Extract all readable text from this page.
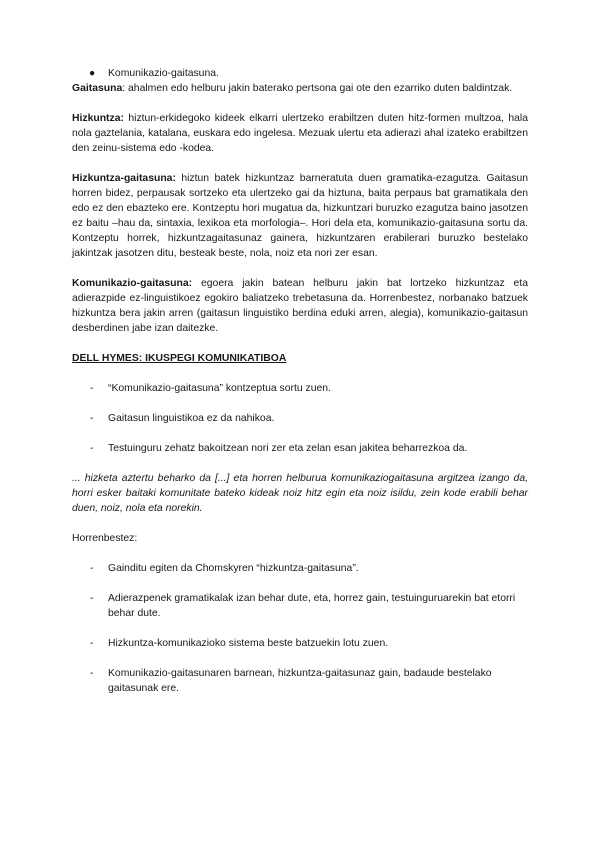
● Komunikazio-gaitasuna.

Gaitasuna: ahalmen edo helburu jakin baterako pertsona gai ote den ezarriko duten baldintzak.

Hizkuntza: hiztun-erkidegoko kideek elkarri ulertzeko erabiltzen duten hitz-formen multzoa, hala nola gaztelania, katalana, euskara edo ingelesa. Mezuak ulertu eta adierazi ahal izateko erabiltzen den zeinu-sistema edo -kodea.

Hizkuntza-gaitasuna: hiztun batek hizkuntzaz barneratuta duen gramatika-ezagutza. Gaitasun horren bidez, perpausak sortzeko eta ulertzeko gai da hiztuna, baita perpaus bat gramatikala den edo ez den ebazteko ere. Kontzeptu hori mugatua da, hizkuntzari buruzko ezagutza baino jasotzen ez baitu –hau da, sintaxia, lexikoa eta morfologia–. Hori dela eta, komunikazio-gaitasuna sortu da. Kontzeptu horrek, hizkuntzagaitasunaz gainera, hizkuntzaren erabilerari buruzko bestelako jakintzak jasotzen ditu, besteak beste, nola, noiz eta nori zer esan.

Komunikazio-gaitasuna: egoera jakin batean helburu jakin bat lortzeko hizkuntzaz eta adierazpide ez-linguistikoez egokiro baliatzeko trebetasuna da. Horrenbestez, norbanako batzuek hizkuntza bera jakin arren (gaitasun linguistiko berdina eduki arren, alegia), komunikazio-gaitasun desberdinen jabe izan daitezke.

DELL HYMES: IKUSPEGI KOMUNIKATIBOA

- “Komunikazio-gaitasuna” kontzeptua sortu zuen.

- Gaitasun linguistikoa ez da nahikoa.

- Testuinguru zehatz bakoitzean nori zer eta zelan esan jakitea beharrezkoa da.

... hizketa aztertu beharko da [...] eta horren helburua komunikaziogaitasuna argitzea izango da, horri esker baitaki komunitate bateko kideak noiz hitz egin eta noiz isildu, zein kode erabili behar duen, noiz, nola eta norekin.

Horrenbestez:

- Gainditu egiten da Chomskyren “hizkuntza-gaitasuna”.

- Adierazpenek gramatikalak izan behar dute, eta, horrez gain, testuinguruarekin bat etorri behar dute.

- Hizkuntza-komunikazioko sistema beste batzuekin lotu zuen.

- Komunikazio-gaitasunaren barnean, hizkuntza-gaitasunaz gain, badaude bestelako gaitasunak ere.
